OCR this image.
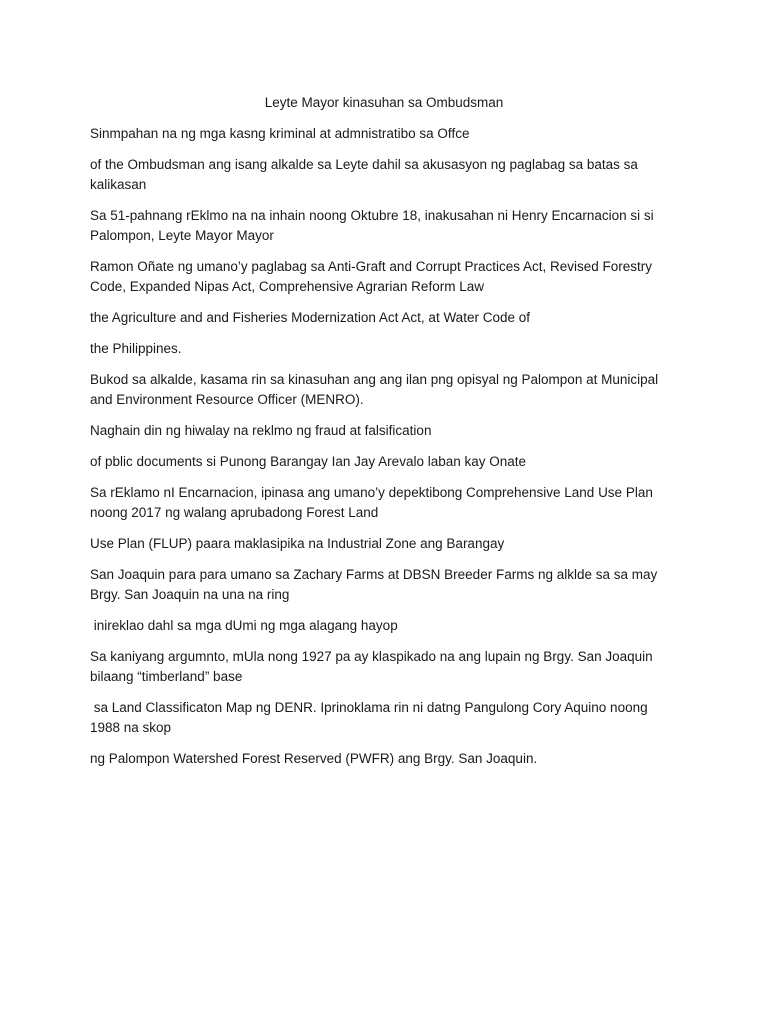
Leyte Mayor kinasuhan sa Ombudsman

Sinmpahan na ng mga kasng kriminal at admnistratibo sa Offce

of the Ombudsman ang isang alkalde sa Leyte dahil sa akusasyon ng paglabag sa batas sa kalikasan

Sa 51-pahnang rEklmo na na inhain noong Oktubre 18, inakusahan ni Henry Encarnacion si si Palompon, Leyte Mayor Mayor

Ramon Oñate ng umano’y paglabag sa Anti-Graft and Corrupt Practices Act, Revised Forestry Code, Expanded Nipas Act, Comprehensive Agrarian Reform Law

the Agriculture and and Fisheries Modernization Act Act, at Water Code of

the Philippines.

Bukod sa alkalde, kasama rin sa kinasuhan ang ang ilan png opisyal ng Palompon at Municipal and Environment Resource Officer (MENRO).

Naghain din ng hiwalay na reklmo ng fraud at falsification

of pblic documents si Punong Barangay Ian Jay Arevalo laban kay Onate

Sa rEklamo nI Encarnacion, ipinasa ang umano’y depektibong Comprehensive Land Use Plan noong 2017 ng walang aprubadong Forest Land

Use Plan (FLUP) paara maklasipika na Industrial Zone ang Barangay

San Joaquin para para umano sa Zachary Farms at DBSN Breeder Farms ng alklde sa sa may Brgy. San Joaquin na una na ring

inireklao dahl sa mga dUmi ng mga alagang hayop

Sa kaniyang argumnto, mUla nong 1927 pa ay klaspikado na ang lupain ng Brgy. San Joaquin bilaang “timberland” base

sa Land Classificaton Map ng DENR. Iprinoklama rin ni datng Pangulong Cory Aquino noong 1988 na skop

ng Palompon Watershed Forest Reserved (PWFR) ang Brgy. San Joaquin.
